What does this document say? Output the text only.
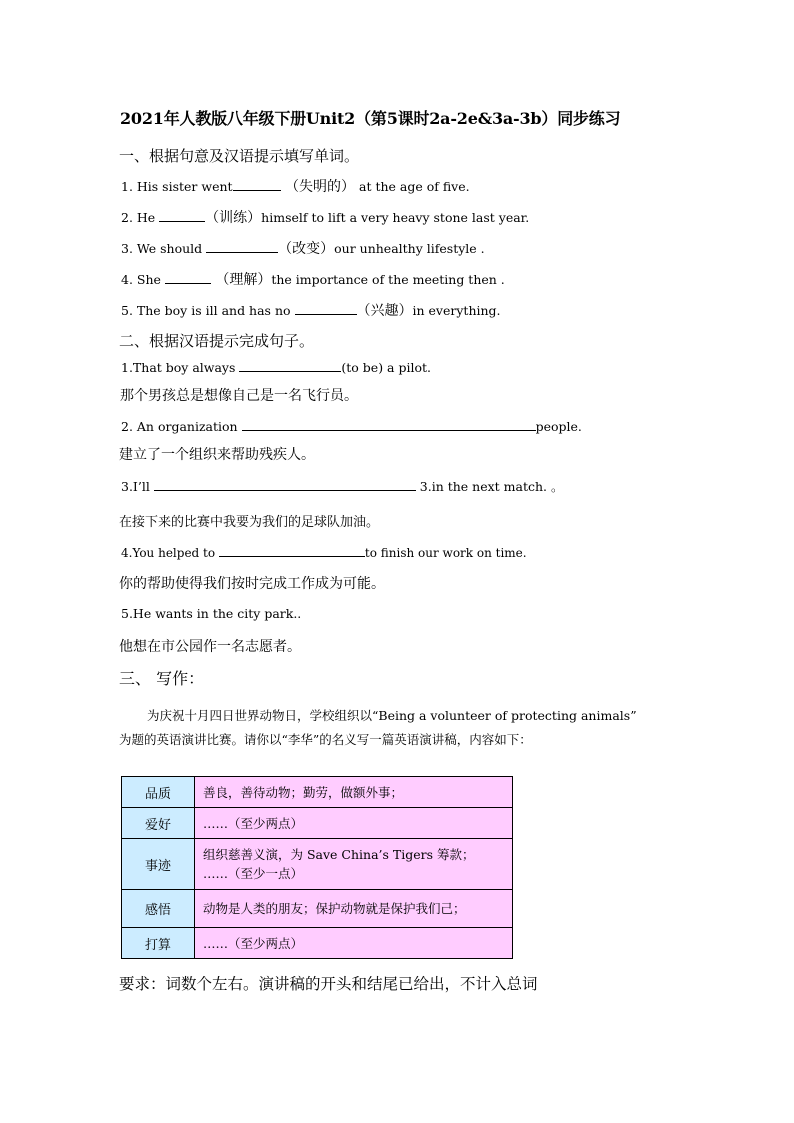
2021年人教版八年级下册Unit2（第5课时2a-2e&3a-3b）同步练习
一、根据句意及汉语提示填写单词。
1. His sister went	（失明的） at the age of five.
2. He	（训练）himself to lift a very heavy stone last year.
3. We should	（改变）our unhealthy lifestyle .
4. She	（理解）the importance of the meeting then .
5. The boy is ill and has no	（兴趣）in everything.
二、根据汉语提示完成句子。
1.That boy always	(to be) a pilot.
那个男孩总是想像自己是一名飞行员。
2. An organization	people.
建立了一个组织来帮助残疾人。
3.I’ll	3.in the next match. 。
在接下来的比赛中我要为我们的足球队加油。
4.You helped to	to finish our work on time.
你的帮助使得我们按时完成工作成为可能。
5.He wants in the city park..
他想在市公园作一名志愿者。
三、 写作：
为庆祝十月四日世界动物日，学校组织以“Being a volunteer of protecting animals” 为题的英语演讲比赛。请你以“李华”的名义写一篇英语演讲稿，内容如下：
品质	善良，善待动物；勤劳，做额外事；

爱好	……（至少两点）

事迹	组织慈善义演，为 Save China’s Tigers 筹款；
……（至少一点）

感悟	动物是人类的朋友；保护动物就是保护我们己；

打算	……（至少两点）
要求：词数个左右。演讲稿的开头和结尾已给出，不计入总词
